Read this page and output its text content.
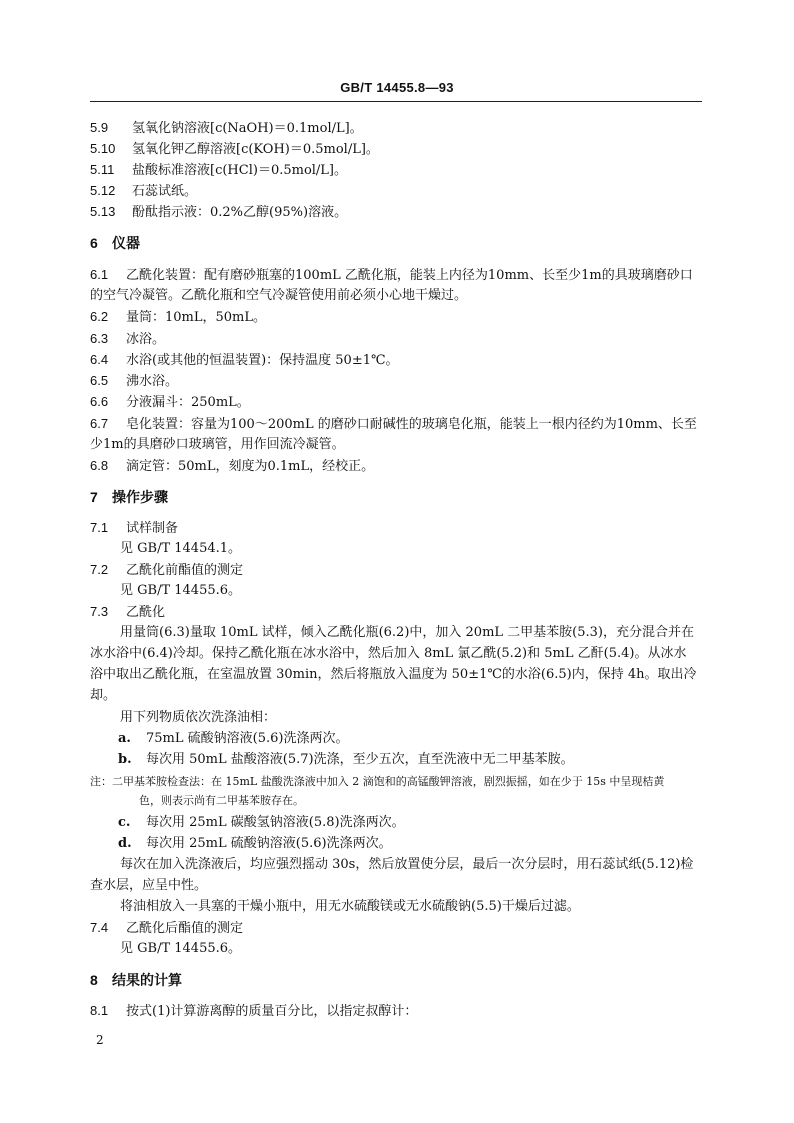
GB/T 14455.8—93
5.9 氢氧化钠溶液[c(NaOH)＝0.1mol/L]。
5.10 氢氧化钾乙醇溶液[c(KOH)＝0.5mol/L]。
5.11 盐酸标准溶液[c(HCl)＝0.5mol/L]。
5.12 石蕊试纸。
5.13 酚酞指示液：0.2%乙醇(95%)溶液。
6 仪器
6.1 乙酰化装置：配有磨砂瓶塞的100mL 乙酰化瓶，能装上内径为10mm、长至少1m的具玻璃磨砂口
的空气冷凝管。乙酰化瓶和空气冷凝管使用前必须小心地干燥过。
6.2 量筒：10mL，50mL。
6.3 冰浴。
6.4 水浴(或其他的恒温装置)：保持温度 50±1℃。
6.5 沸水浴。
6.6 分液漏斗：250mL。
6.7 皂化装置：容量为100～200mL 的磨砂口耐碱性的玻璃皂化瓶，能装上一根内径约为10mm、长至
少1m的具磨砂口玻璃管，用作回流冷凝管。
6.8 滴定管：50mL，刻度为0.1mL，经校正。
7 操作步骤
7.1 试样制备
见 GB/T 14454.1。
7.2 乙酰化前酯值的测定
见 GB/T 14455.6。
7.3 乙酰化
用量筒(6.3)量取 10mL 试样，倾入乙酰化瓶(6.2)中，加入 20mL 二甲基苯胺(5.3)，充分混合并在
冰水浴中(6.4)冷却。保持乙酰化瓶在冰水浴中，然后加入 8mL 氯乙酰(5.2)和 5mL 乙酐(5.4)。从冰水
浴中取出乙酰化瓶，在室温放置 30min，然后将瓶放入温度为 50±1℃的水浴(6.5)内，保持 4h。取出冷
却。
用下列物质依次洗涤油相：
a. 75mL 硫酸钠溶液(5.6)洗涤两次。
b. 每次用 50mL 盐酸溶液(5.7)洗涤，至少五次，直至洗液中无二甲基苯胺。
注：二甲基苯胺检查法：在 15mL 盐酸洗涤液中加入 2 滴饱和的高锰酸钾溶液，剧烈振摇，如在少于 15s 中呈现桔黄
色，则表示尚有二甲基苯胺存在。
c. 每次用 25mL 碳酸氢钠溶液(5.8)洗涤两次。
d. 每次用 25mL 硫酸钠溶液(5.6)洗涤两次。
每次在加入洗涤液后，均应强烈摇动 30s，然后放置使分层，最后一次分层时，用石蕊试纸(5.12)检
查水层，应呈中性。
将油相放入一具塞的干燥小瓶中，用无水硫酸镁或无水硫酸钠(5.5)干燥后过滤。
7.4 乙酰化后酯值的测定
见 GB/T 14455.6。
8 结果的计算
8.1 按式(1)计算游离醇的质量百分比，以指定叔醇计：
2
